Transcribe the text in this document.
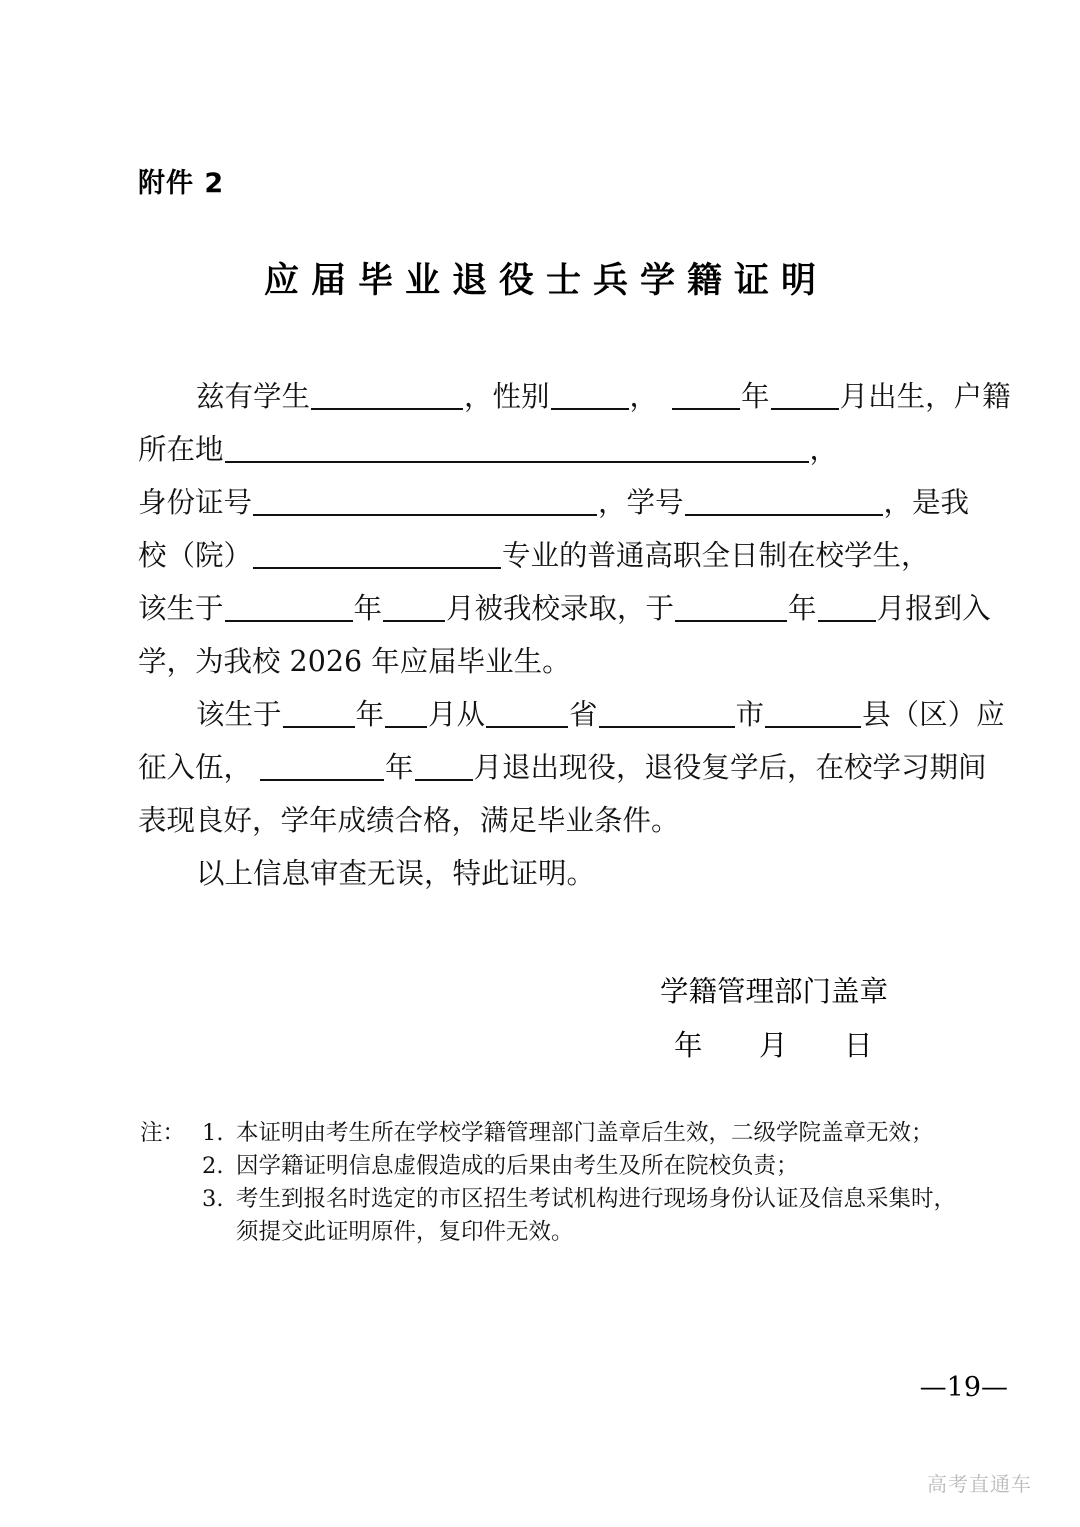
附件 2
应届毕业退役士兵学籍证明
兹有学生	，性别	，	年 月出生，户籍
所在地	，
身份证号	，学号	，是我
校（院）	专业的普通高职全日制在校学生，
该生于	年 月被我校录取，于	年 月报到入
学，为我校 2026 年应届毕业生。
该生于	年 月从	省	市	县（区）应
征入伍，	年 月退出现役，退役复学后，在校学习期间
表现良好，学年成绩合格，满足毕业条件。
以上信息审查无误，特此证明。
学籍管理部门盖章
年　月　日
注： 1. 本证明由考生所在学校学籍管理部门盖章后生效，二级学院盖章无效；
2. 因学籍证明信息虚假造成的后果由考生及所在院校负责；
3. 考生到报名时选定的市区招生考试机构进行现场身份认证及信息采集时，须提交此证明原件，复印件无效。
—19—
高考直通车
